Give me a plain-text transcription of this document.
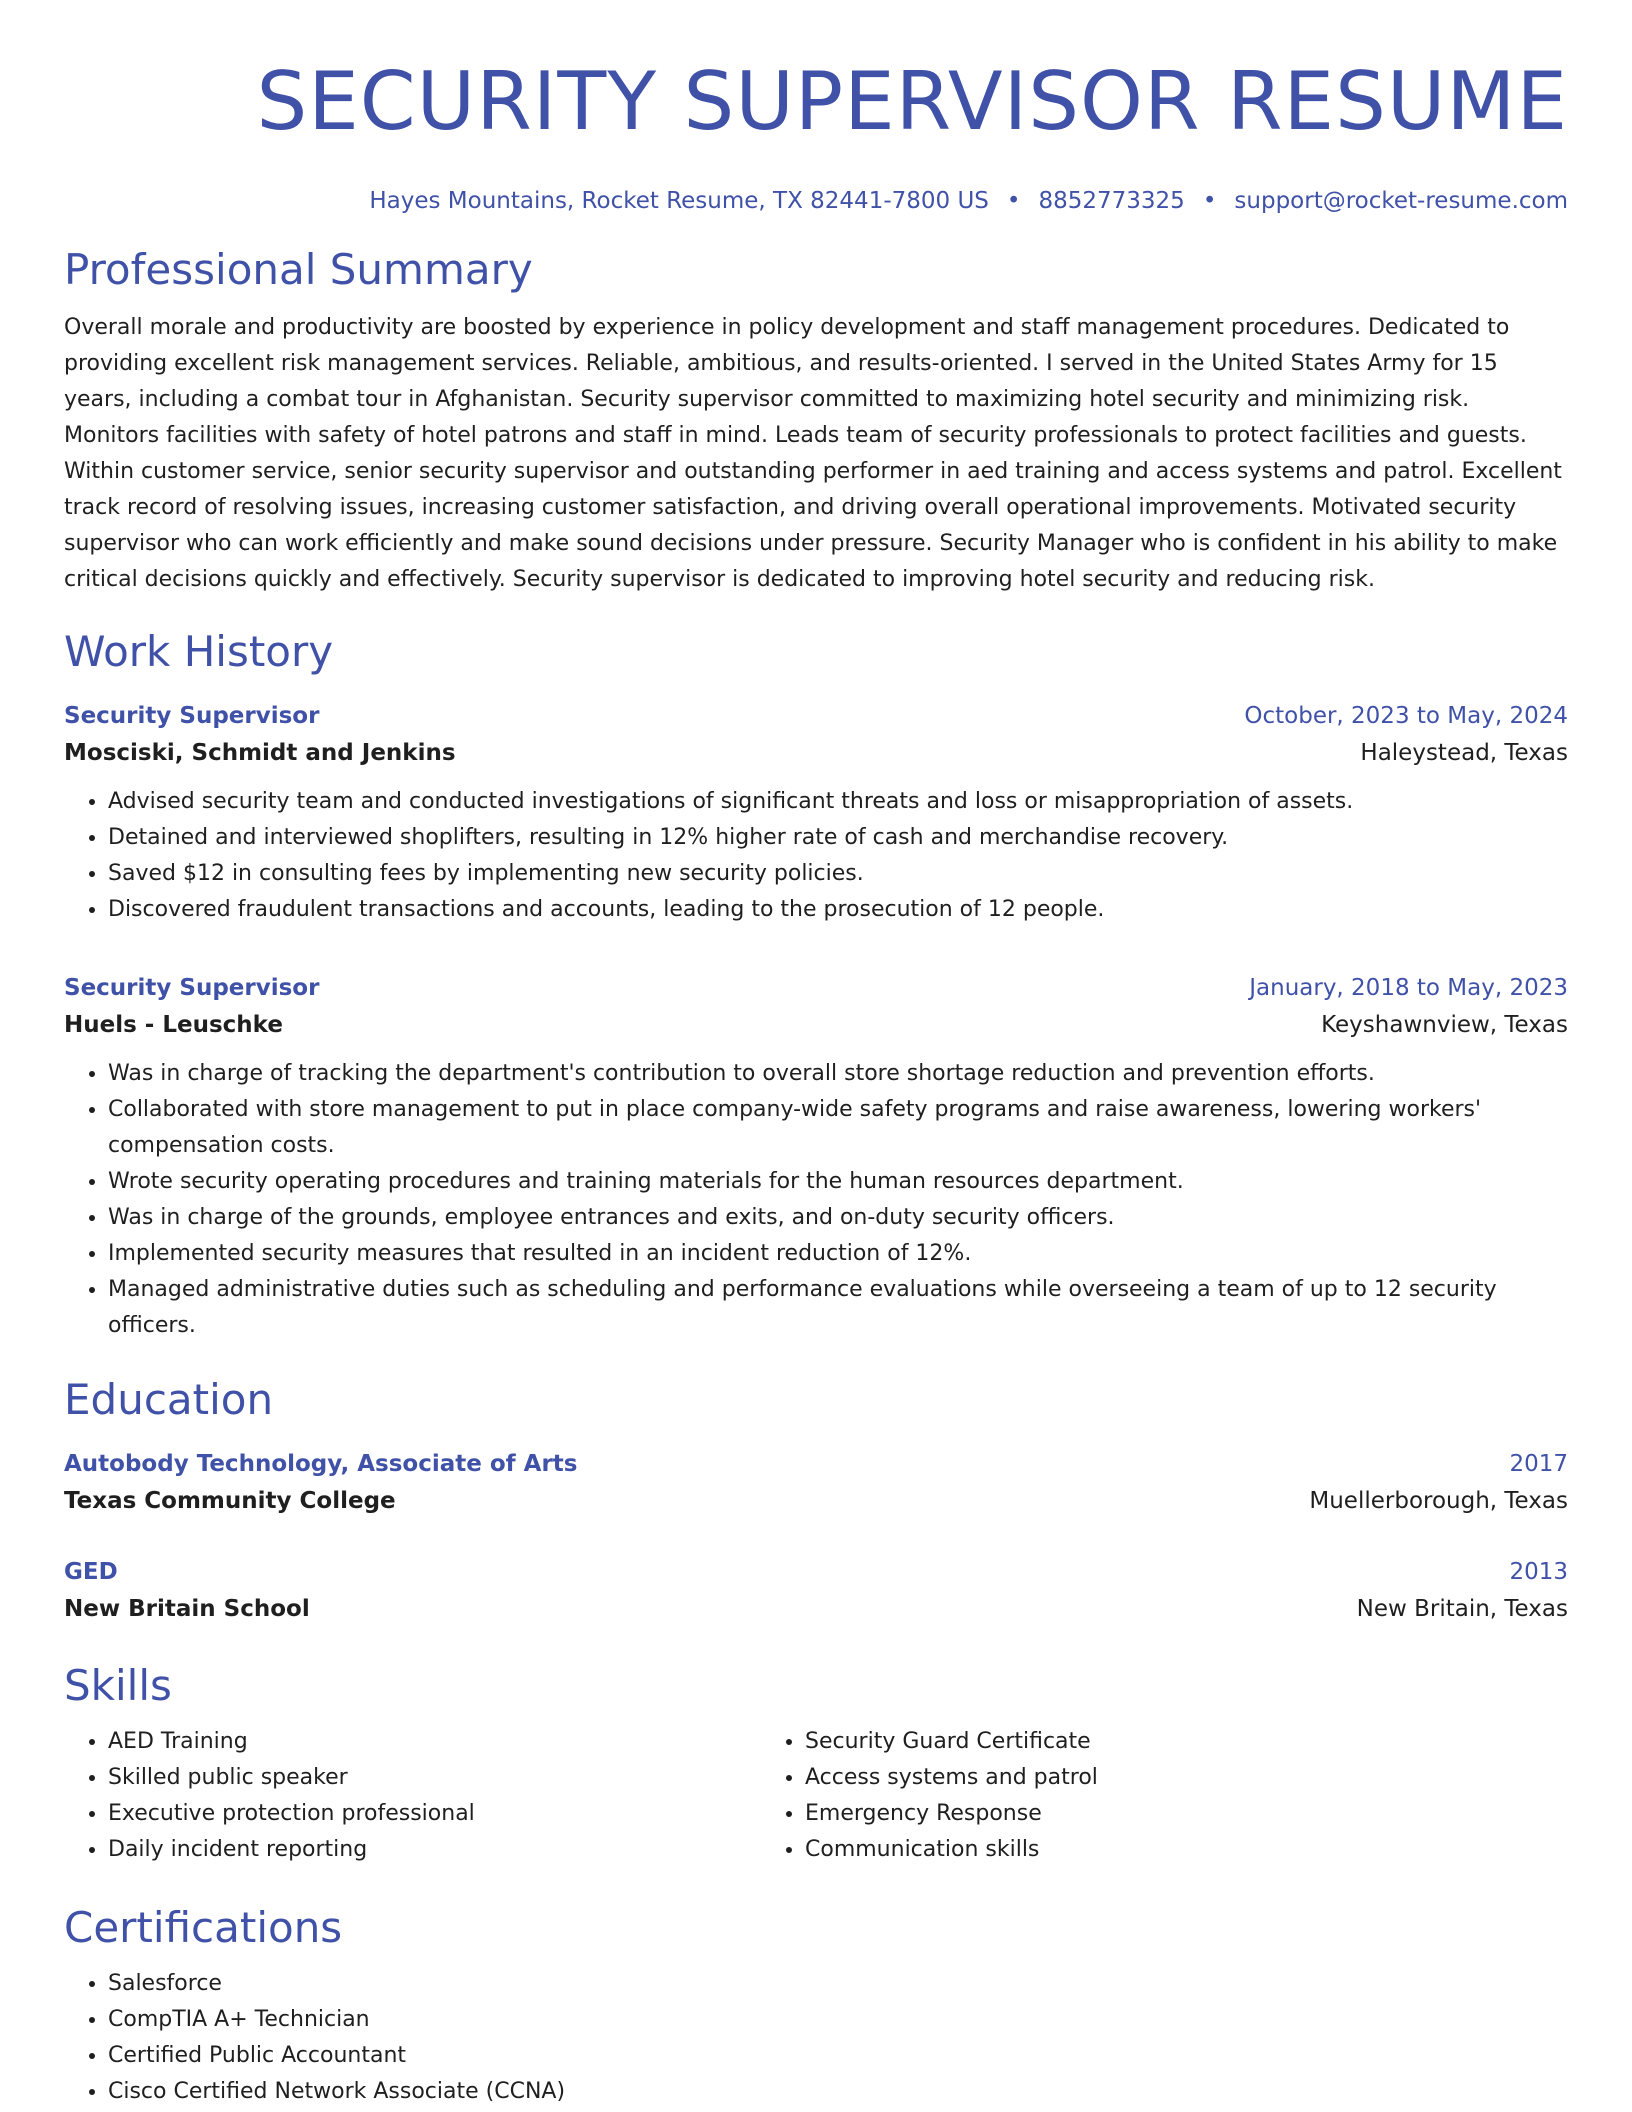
SECURITY SUPERVISOR RESUME
Hayes Mountains, Rocket Resume, TX 82441-7800 US • 8852773325 • support@rocket-resume.com
Professional Summary

Overall morale and productivity are boosted by experience in policy development and staff management procedures. Dedicated to providing excellent risk management services. Reliable, ambitious, and results-oriented. I served in the United States Army for 15 years, including a combat tour in Afghanistan. Security supervisor committed to maximizing hotel security and minimizing risk. Monitors facilities with safety of hotel patrons and staff in mind. Leads team of security professionals to protect facilities and guests. Within customer service, senior security supervisor and outstanding performer in aed training and access systems and patrol. Excellent track record of resolving issues, increasing customer satisfaction, and driving overall operational improvements. Motivated security supervisor who can work efficiently and make sound decisions under pressure. Security Manager who is confident in his ability to make critical decisions quickly and effectively. Security supervisor is dedicated to improving hotel security and reducing risk.

Work History
Security Supervisor	October, 2023 to May, 2024
Mosciski, Schmidt and Jenkins	Haleystead, Texas
• Advised security team and conducted investigations of significant threats and loss or misappropriation of assets.
• Detained and interviewed shoplifters, resulting in 12% higher rate of cash and merchandise recovery.
• Saved $12 in consulting fees by implementing new security policies.
• Discovered fraudulent transactions and accounts, leading to the prosecution of 12 people.
Security Supervisor	January, 2018 to May, 2023
Huels - Leuschke	Keyshawnview, Texas
• Was in charge of tracking the department's contribution to overall store shortage reduction and prevention efforts.
• Collaborated with store management to put in place company-wide safety programs and raise awareness, lowering workers' compensation costs.
• Wrote security operating procedures and training materials for the human resources department.
• Was in charge of the grounds, employee entrances and exits, and on-duty security officers.
• Implemented security measures that resulted in an incident reduction of 12%.
• Managed administrative duties such as scheduling and performance evaluations while overseeing a team of up to 12 security officers.
Education
Autobody Technology, Associate of Arts	2017
Texas Community College	Muellerborough, Texas
GED	2013
New Britain School	New Britain, Texas
Skills
• AED Training
• Skilled public speaker
• Executive protection professional
• Daily incident reporting
• Security Guard Certificate
• Access systems and patrol
• Emergency Response
• Communication skills
Certifications
• Salesforce
• CompTIA A+ Technician
• Certified Public Accountant
• Cisco Certified Network Associate (CCNA)
